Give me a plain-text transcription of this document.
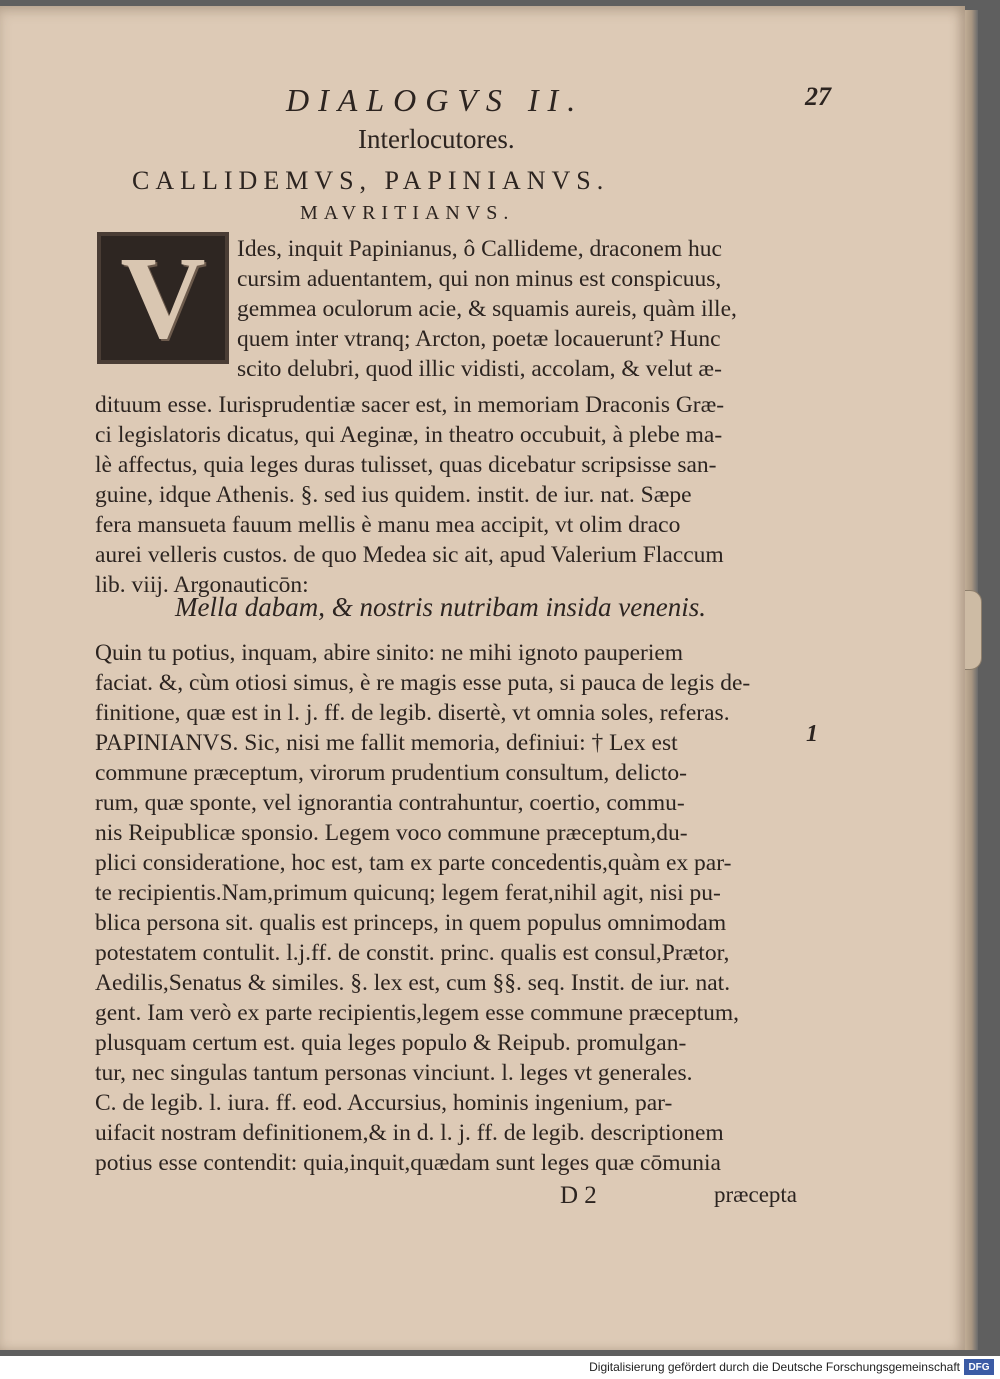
DIALOGVS II.	27
Interlocutores.
CALLIDEMVS, PAPINIANVS.
MAVRITIANVS.
V Ides, inquit Papinianus, ô Callideme, draconem huc
cursim aduentantem, qui non minus est conspicuus,
gemmea oculorum acie, & squamis aureis, quàm ille,
quem inter vtranq; Arcton, poetæ locauerunt? Hunc
scito delubri, quod illic vidisti, accolam, & velut æ-
dituum esse. Iurisprudentiæ sacer est, in memoriam Draconis Græ-
ci legislatoris dicatus, qui Aeginæ, in theatro occubuit, à plebe ma-
lè affectus, quia leges duras tulisset, quas dicebatur scripsisse san-
guine, idque Athenis. §. sed ius quidem. instit. de iur. nat. Sæpe
fera mansueta fauum mellis è manu mea accipit, vt olim draco
aurei velleris custos. de quo Medea sic ait, apud Valerium Flaccum
lib. viij. Argonauticōn:
Mella dabam, & nostris nutribam insida venenis.
Quin tu potius, inquam, abire sinito: ne mihi ignoto pauperiem
faciat. &, cùm otiosi simus, è re magis esse puta, si pauca de legis de-
finitione, quæ est in l. j. ff. de legib. disertè, vt omnia soles, referas.
PAPINIANVS. Sic, nisi me fallit memoria, definiui: † Lex est
commune præceptum, virorum prudentium consultum, delicto-
rum, quæ sponte, vel ignorantia contrahuntur, coertio, commu-
nis Reipublicæ sponsio. Legem voco commune præceptum,du-
plici consideratione, hoc est, tam ex parte concedentis,quàm ex par-
te recipientis.Nam,primum quicunq; legem ferat,nihil agit, nisi pu-
blica persona sit. qualis est princeps, in quem populus omnimodam
potestatem contulit. l.j.ff. de constit. princ. qualis est consul,Prætor,
Aedilis,Senatus & similes. §. lex est, cum §§. seq. Instit. de iur. nat.
gent. Iam verò ex parte recipientis,legem esse commune præceptum,
plusquam certum est. quia leges populo & Reipub. promulgan-
tur, nec singulas tantum personas vinciunt. l. leges vt generales.
C. de legib. l. iura. ff. eod. Accursius, hominis ingenium, par-
uifacit nostram definitionem,& in d. l. j. ff. de legib. descriptionem
potius esse contendit: quia,inquit,quædam sunt leges quæ cōmunia
1
D 2	præcepta
Digitalisierung gefördert durch die Deutsche Forschungsgemeinschaft DFG
